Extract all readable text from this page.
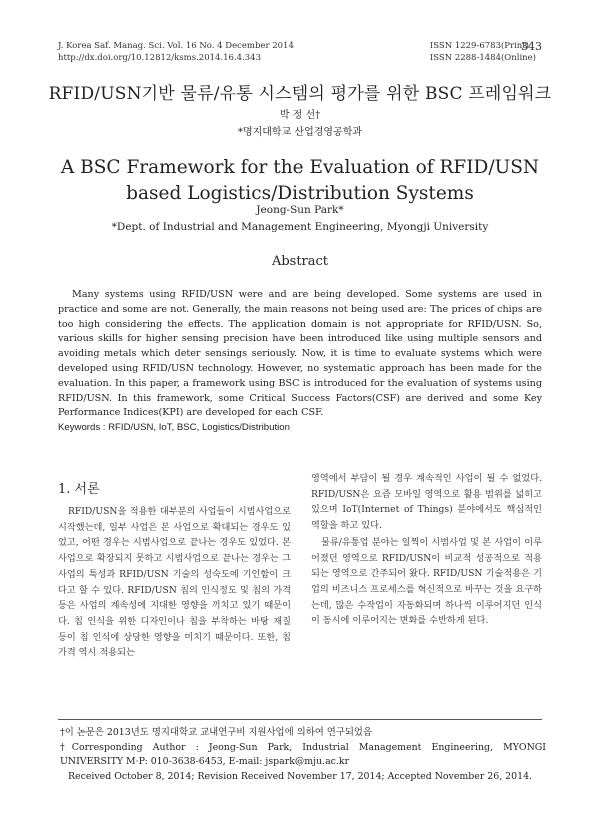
J. Korea Saf. Manag. Sci. Vol. 16 No. 4 December 2014
http://dx.doi.org/10.12812/ksms.2014.16.4.343
ISSN 1229-6783(Print)
ISSN 2288-1484(Online)
343
RFID/USN기반 물류/유통 시스템의 평가를 위한 BSC 프레임워크
박 정 선†
*명지대학교 산업경영공학과
A BSC Framework for the Evaluation of RFID/USN based Logistics/Distribution Systems
Jeong-Sun Park*
*Dept. of Industrial and Management Engineering, Myongji University
Abstract
Many systems using RFID/USN were and are being developed. Some systems are used in practice and some are not. Generally, the main reasons not being used are: The prices of chips are too high considering the effects. The application domain is not appropriate for RFID/USN. So, various skills for higher sensing precision have been introduced like using multiple sensors and avoiding metals which deter sensings seriously. Now, it is time to evaluate systems which were developed using RFID/USN technology. However, no systematic approach has been made for the evaluation. In this paper, a framework using BSC is introduced for the evaluation of systems using RFID/USN. In this framework, some Critical Success Factors(CSF) are derived and some Key Performance Indices(KPI) are developed for each CSF.
Keywords : RFID/USN, IoT, BSC, Logistics/Distribution
1. 서론
RFID/USN을 적용한 대부분의 사업들이 시범사업으로 시작했는데, 일부 사업은 본 사업으로 확대되는 경우도 있었고, 어떤 경우는 시범사업으로 끝나는 경우도 있었다. 본 사업으로 확장되지 못하고 시범사업으로 끝나는 경우는 그 사업의 특성과 RFID/USN 기술의 성숙도에 기인함이 크다고 할 수 있다. RFID/USN 칩의 인식정도 및 칩의 가격 등은 사업의 계속성에 지대한 영향을 끼치고 있기 때문이다. 칩 인식을 위한 디자인이나 칩을 부착하는 바탕 재질 등이 칩 인식에 상당한 영향을 미치기 때문이다. 또한, 칩 가격 역시 적용되는

영역에서 부담이 될 경우 계속적인 사업이 될 수 없었다. RFID/USN은 요즘 모바일 영역으로 활용 범위를 넓히고 있으며 IoT(Internet of Things) 분야에서도 핵심적인 역할을 하고 있다.

물류/유통업 분야는 일찍이 시범사업 및 본 사업이 이루어졌던 영역으로 RFID/USN이 비교적 성공적으로 적용되는 영역으로 간주되어 왔다. RFID/USN 기술적용은 기업의 비즈니스 프로세스를 혁신적으로 바꾸는 것을 요구하는데, 많은 수작업이 자동화되며 하나씩 이루어지던 인식이 동시에 이루어지는 변화를 수반하게 된다.

†이 논문은 2013년도 명지대학교 교내연구비 지원사업에 의하여 연구되었음
†Corresponding Author : Jeong-Sun Park, Industrial Management Engineering, MYONGI UNIVERSITY M·P: 010-3638-6453, E-mail: jspark@mju.ac.kr
Received October 8, 2014; Revision Received November 17, 2014; Accepted November 26, 2014.
